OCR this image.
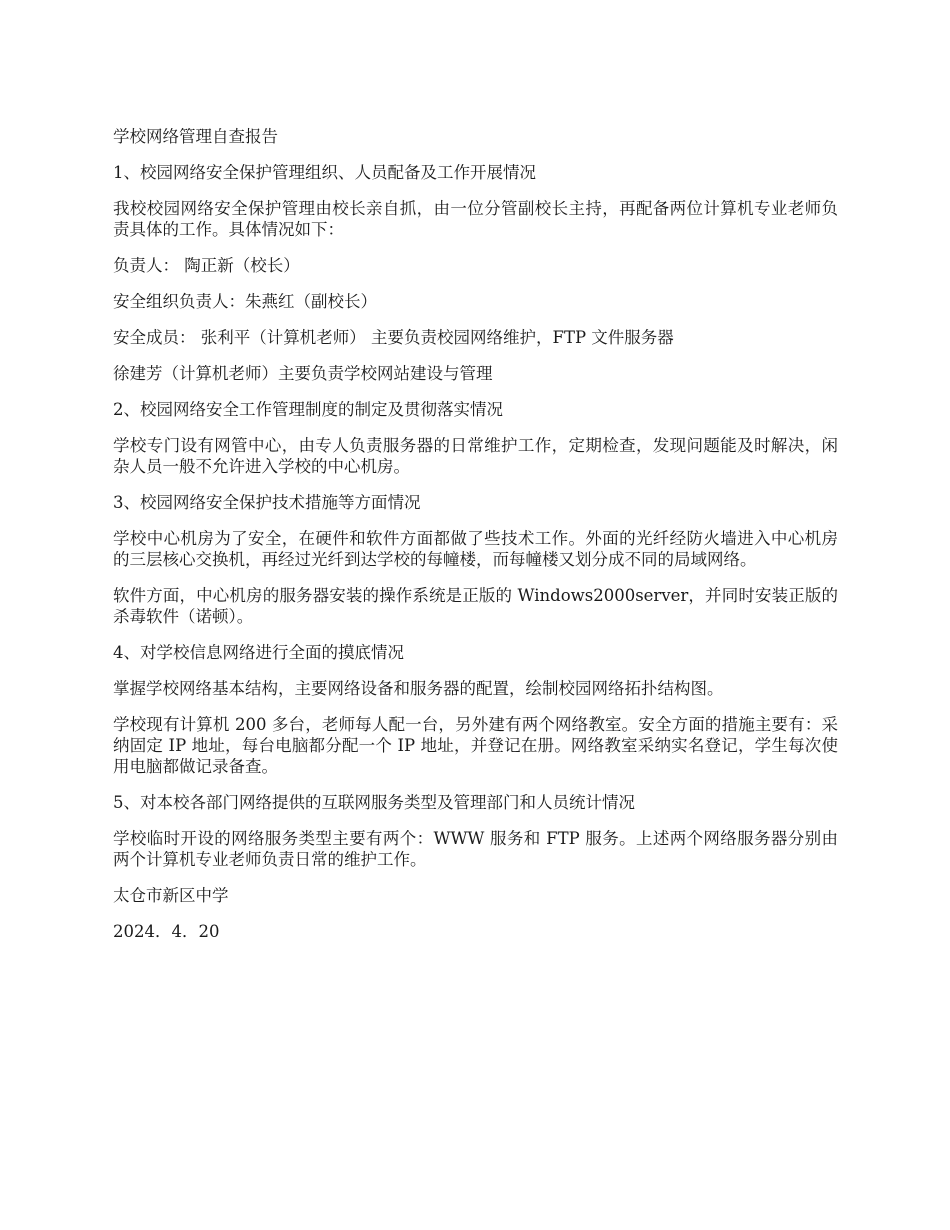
学校网络管理自查报告

1、校园网络安全保护管理组织、人员配备及工作开展情况

我校校园网络安全保护管理由校长亲自抓，由一位分管副校长主持，再配备两位计算机专业老师负责具体的工作。具体情况如下：

负责人： 陶正新（校长）

安全组织负责人：朱燕红（副校长）

安全成员： 张利平（计算机老师） 主要负责校园网络维护，FTP 文件服务器

徐建芳（计算机老师）主要负责学校网站建设与管理

2、校园网络安全工作管理制度的制定及贯彻落实情况

学校专门设有网管中心，由专人负责服务器的日常维护工作，定期检查，发现问题能及时解决，闲杂人员一般不允许进入学校的中心机房。

3、校园网络安全保护技术措施等方面情况

学校中心机房为了安全，在硬件和软件方面都做了些技术工作。外面的光纤经防火墙进入中心机房的三层核心交换机，再经过光纤到达学校的每幢楼，而每幢楼又划分成不同的局域网络。

软件方面，中心机房的服务器安装的操作系统是正版的 Windows2000server，并同时安装正版的杀毒软件（诺顿）。

4、对学校信息网络进行全面的摸底情况

掌握学校网络基本结构，主要网络设备和服务器的配置，绘制校园网络拓扑结构图。

学校现有计算机 200 多台，老师每人配一台，另外建有两个网络教室。安全方面的措施主要有：采纳固定 IP 地址，每台电脑都分配一个 IP 地址，并登记在册。网络教室采纳实名登记，学生每次使用电脑都做记录备查。

5、对本校各部门网络提供的互联网服务类型及管理部门和人员统计情况

学校临时开设的网络服务类型主要有两个：WWW 服务和 FTP 服务。上述两个网络服务器分别由两个计算机专业老师负责日常的维护工作。

太仓市新区中学

2024．4．20
